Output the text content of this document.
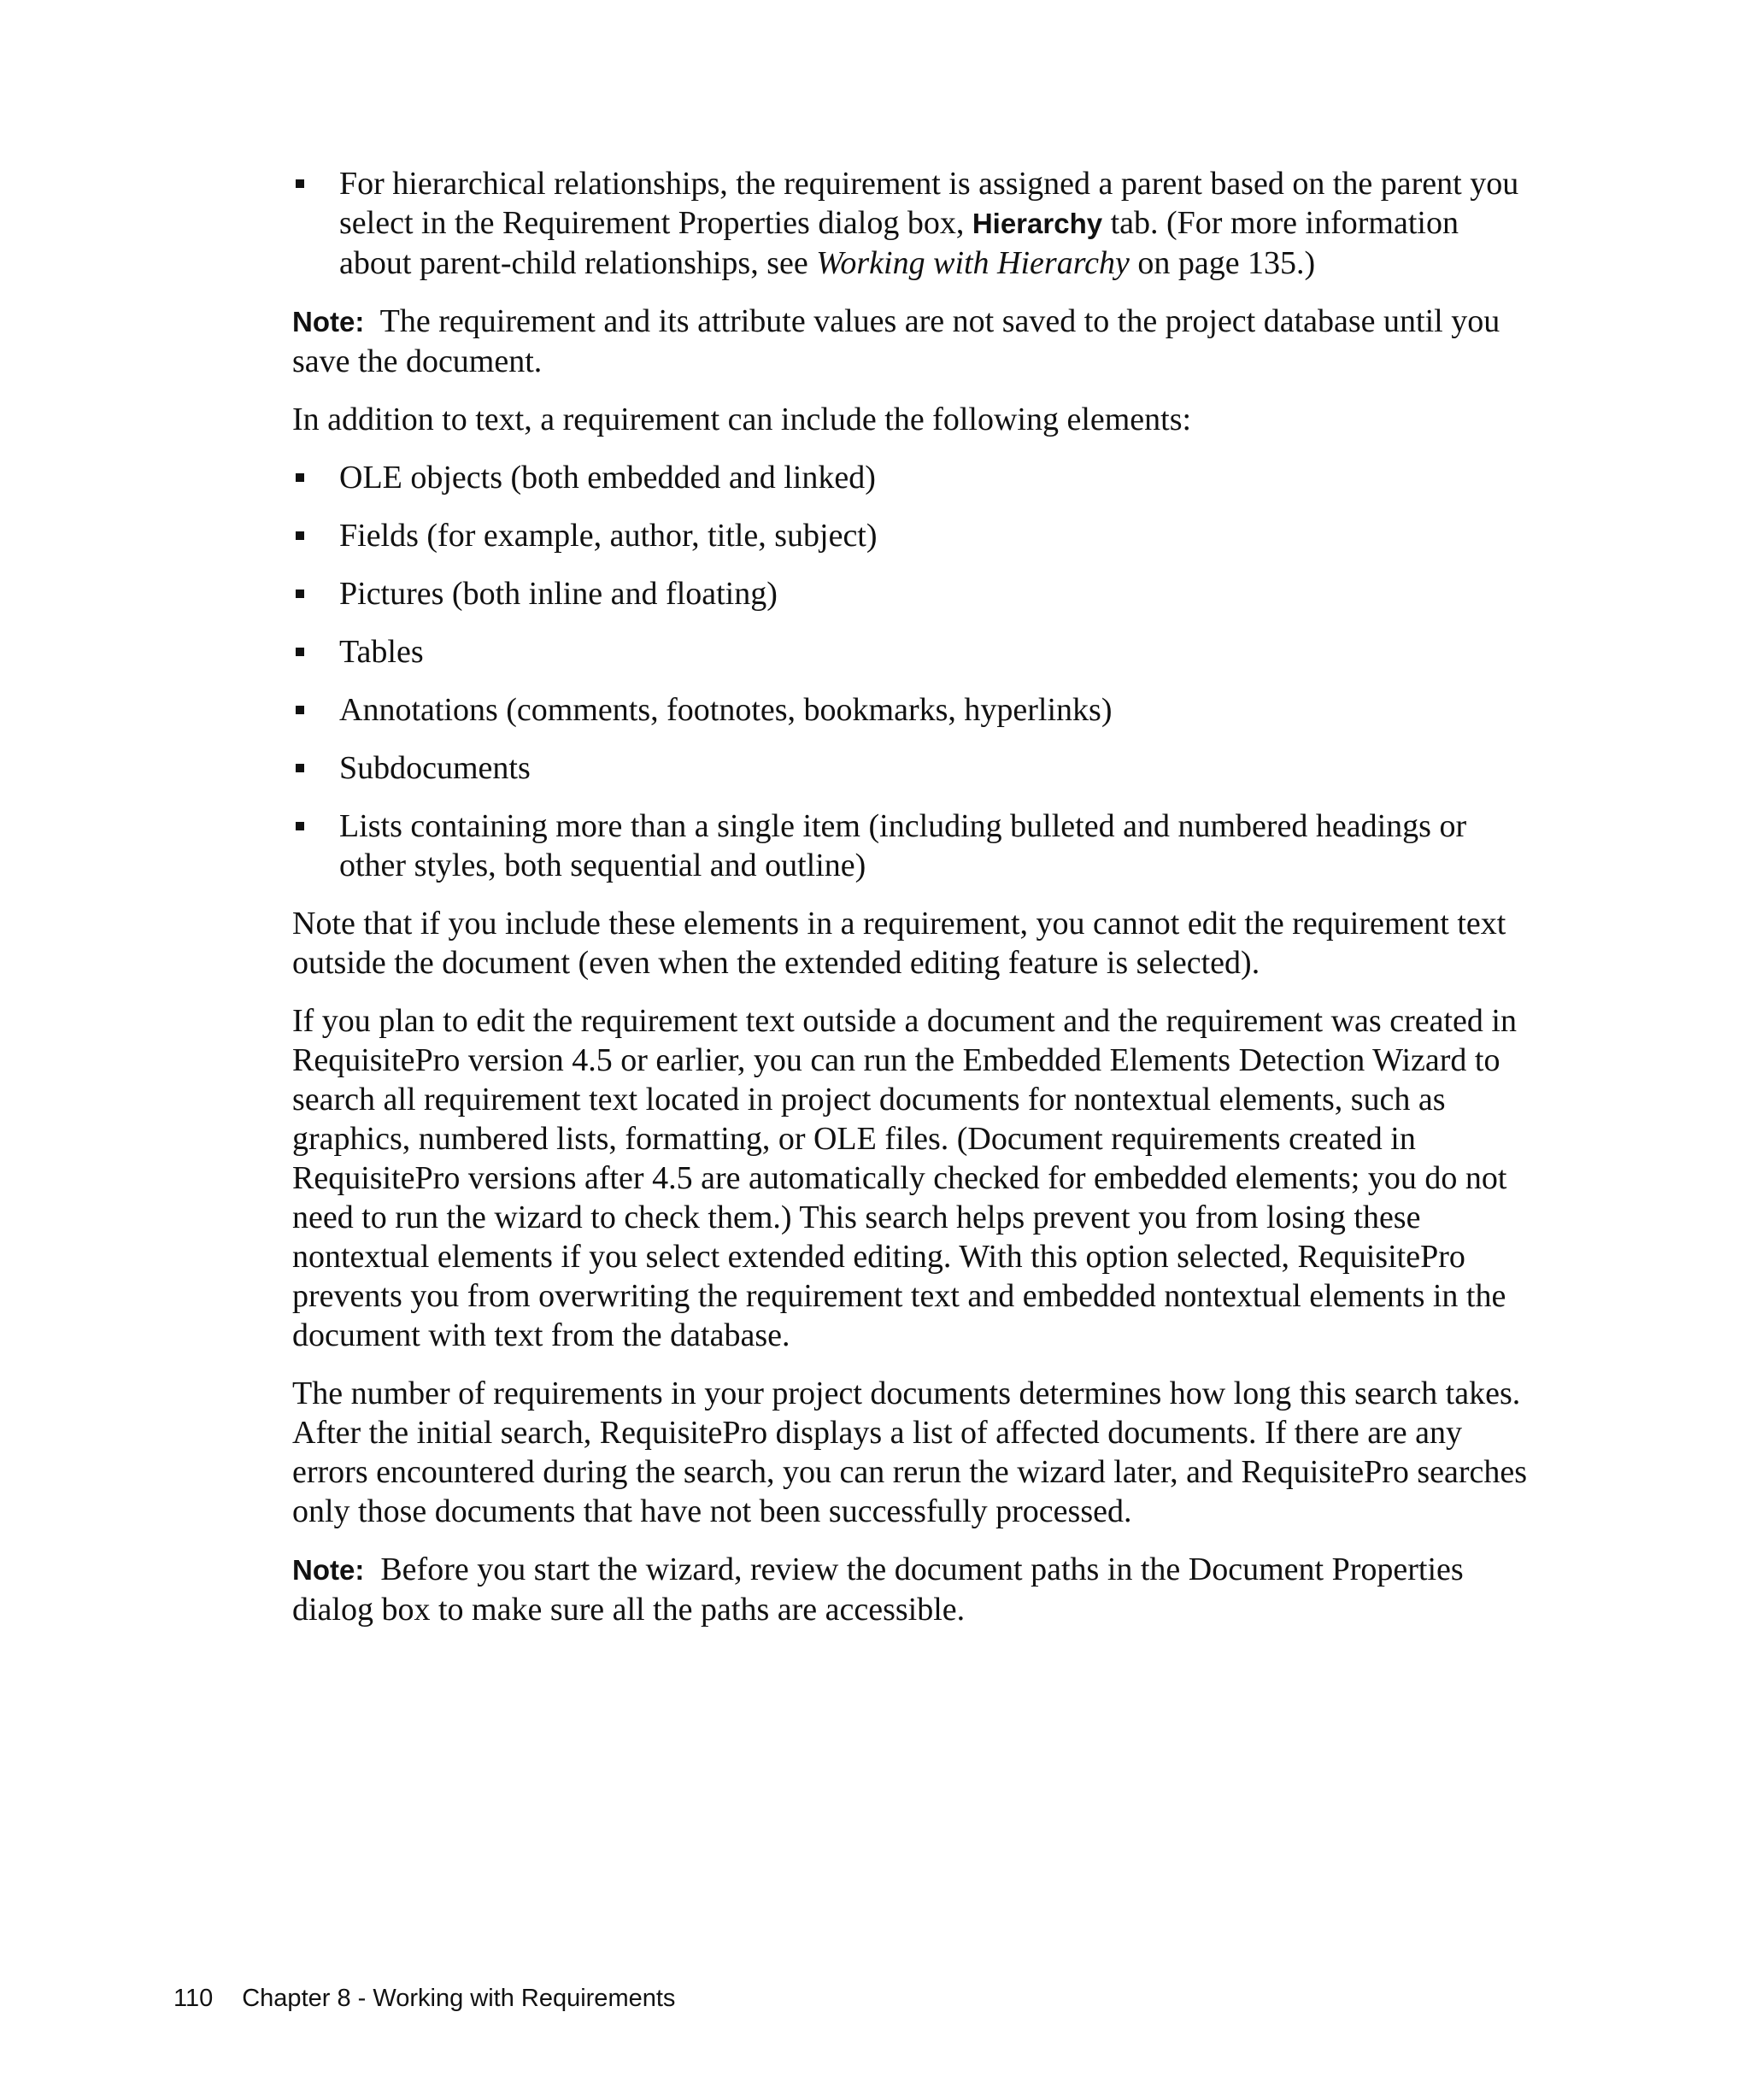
For hierarchical relationships, the requirement is assigned a parent based on the parent you select in the Requirement Properties dialog box, Hierarchy tab. (For more information about parent-child relationships, see Working with Hierarchy on page 135.)

Note: The requirement and its attribute values are not saved to the project database until you save the document.

In addition to text, a requirement can include the following elements:

OLE objects (both embedded and linked)
Fields (for example, author, title, subject)
Pictures (both inline and floating)
Tables
Annotations (comments, footnotes, bookmarks, hyperlinks)
Subdocuments
Lists containing more than a single item (including bulleted and numbered headings or other styles, both sequential and outline)

Note that if you include these elements in a requirement, you cannot edit the requirement text outside the document (even when the extended editing feature is selected).

If you plan to edit the requirement text outside a document and the requirement was created in RequisitePro version 4.5 or earlier, you can run the Embedded Elements Detection Wizard to search all requirement text located in project documents for nontextual elements, such as graphics, numbered lists, formatting, or OLE files. (Document requirements created in RequisitePro versions after 4.5 are automatically checked for embedded elements; you do not need to run the wizard to check them.) This search helps prevent you from losing these nontextual elements if you select extended editing. With this option selected, RequisitePro prevents you from overwriting the requirement text and embedded nontextual elements in the document with text from the database.

The number of requirements in your project documents determines how long this search takes. After the initial search, RequisitePro displays a list of affected documents. If there are any errors encountered during the search, you can rerun the wizard later, and RequisitePro searches only those documents that have not been successfully processed.

Note: Before you start the wizard, review the document paths in the Document Properties dialog box to make sure all the paths are accessible.

110 Chapter 8 - Working with Requirements
